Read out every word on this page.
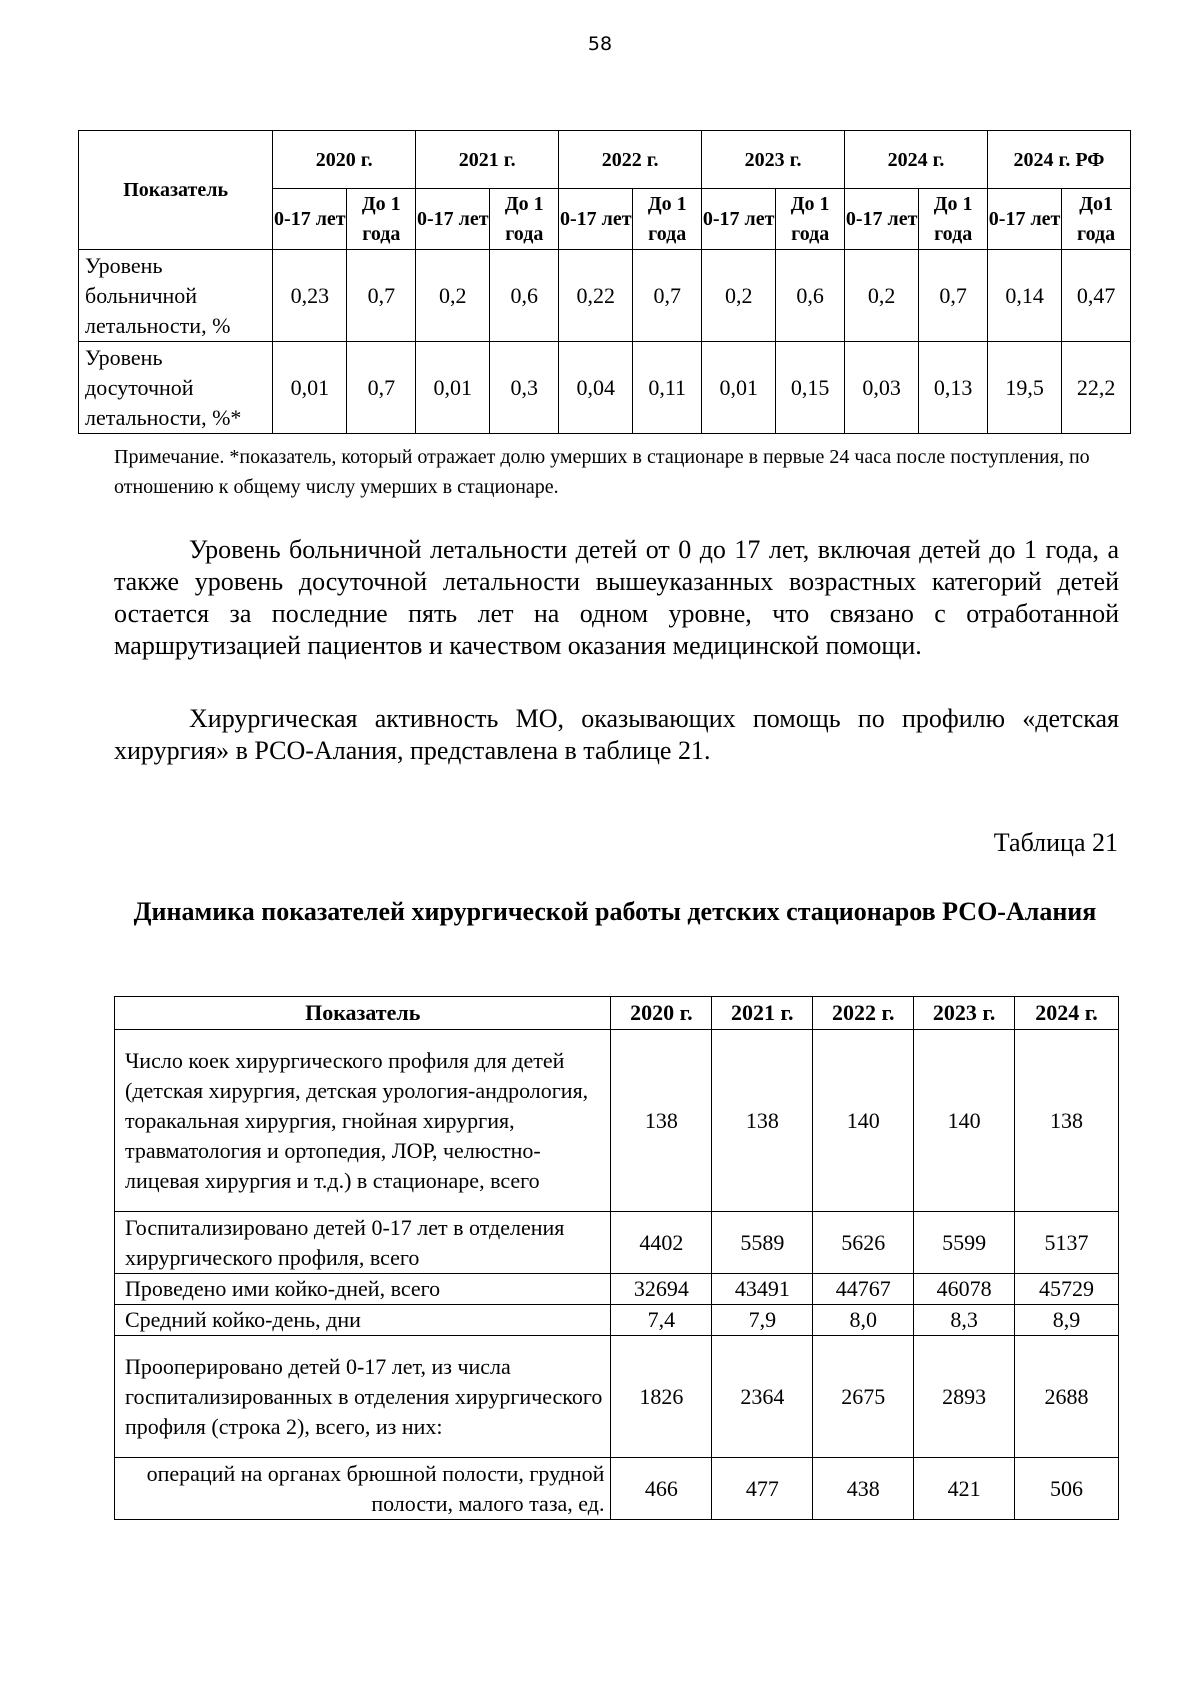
58
Показатель	2020 г.		2021 г.		2022 г.		2023 г.		2024 г.		2024 г. РФ	
	0-17 лет	До 1 года	0-17 лет	До 1 года	0-17 лет	До 1 года	0-17 лет	До 1 года	0-17 лет	До 1 года	0-17 лет	До1 года
Уровень больничной летальности, %	0,23	0,7	0,2	0,6	0,22	0,7	0,2	0,6	0,2	0,7	0,14	0,47
Уровень досуточной летальности, %*	0,01	0,7	0,01	0,3	0,04	0,11	0,01	0,15	0,03	0,13	19,5	22,2
Примечание. *показатель, который отражает долю умерших в стационаре в первые 24 часа после поступления, по отношению к общему числу умерших в стационаре.

Уровень больничной летальности детей от 0 до 17 лет, включая детей до 1 года, а также уровень досуточной летальности вышеуказанных возрастных категорий детей остается за последние пять лет на одном уровне, что связано с отработанной маршрутизацией пациентов и качеством оказания медицинской помощи.

Хирургическая активность МО, оказывающих помощь по профилю «детская хирургия» в РСО-Алания, представлена в таблице 21.

Таблица 21
Динамика показателей хирургической работы детских стационаров РСО-Алания
Показатель	2020 г.	2021 г.	2022 г.	2023 г.	2024 г.
Число коек хирургического профиля для детей (детская хирургия, детская урология-андрология, торакальная хирургия, гнойная хирургия, травматология и ортопедия, ЛОР, челюстно-лицевая хирургия и т.д.) в стационаре, всего	138	138	140	140	138
Госпитализировано детей 0-17 лет в отделения хирургического профиля, всего	4402	5589	5626	5599	5137
Проведено ими койко-дней, всего	32694	43491	44767	46078	45729
Средний койко-день, дни	7,4	7,9	8,0	8,3	8,9
Прооперировано детей 0-17 лет, из числа госпитализированных в отделения хирургического профиля (строка 2), всего, из них:	1826	2364	2675	2893	2688
операций на органах брюшной полости, грудной полости, малого таза, ед.	466	477	438	421	506
